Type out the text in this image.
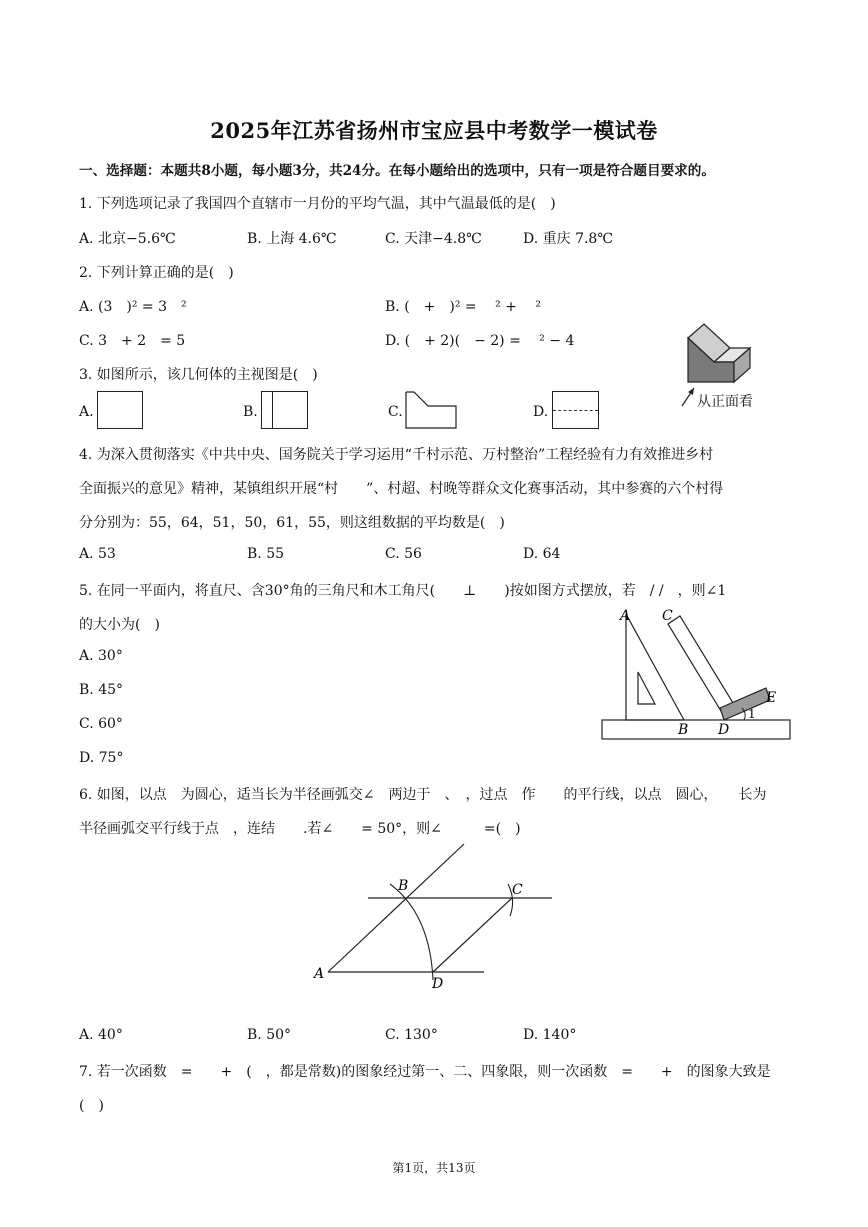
2025年江苏省扬州市宝应县中考数学一模试卷
一、选择题：本题共8小题，每小题3分，共24分。在每小题给出的选项中，只有一项是符合题目要求的。
1. 下列选项记录了我国四个直辖市一月份的平均气温，其中气温最低的是(　)
A. 北京−5.6℃	B. 上海 4.6℃	C. 天津−4.8℃	D. 重庆 7.8℃
2. 下列计算正确的是(　)
A. (3　)² = 3　²	B. (　+　)² = 　² + 　²
C. 3　+ 2　= 5	D. (　+ 2)(　− 2) = 　² − 4
3. 如图所示，该几何体的主视图是(　)
A.	B.	C.	D.
从正面看
4. 为深入贯彻落实《中共中央、国务院关于学习运用“千村示范、万村整治”工程经验有力有效推进乡村
全面振兴的意见》精神，某镇组织开展“村　　”、村超、村晚等群众文化赛事活动，其中参赛的六个村得
分分别为：55，64，51，50，61，55，则这组数据的平均数是(　)
A. 53	B. 55	C. 56	D. 64
5. 在同一平面内，将直尺、含30°角的三角尺和木工角尺(　　⊥　　)按如图方式摆放，若　/ /　，则∠1
的大小为(　)
A. 30°
B. 45°
C. 60°
D. 75°
A C
E
B D
1
6. 如图，以点　为圆心，适当长为半径画弧交∠　两边于　、　，过点　作　　的平行线，以点　圆心，　　长为
半径画弧交平行线于点　，连结　　.若∠　　= 50°，则∠　　　=(　)
B	C
A
D
A. 40°	B. 50°	C. 130°	D. 140°
7. 若一次函数　=　　+　(　，都是常数)的图象经过第一、二、四象限，则一次函数　=　　+　的图象大致是
(　)
第1页，共13页
